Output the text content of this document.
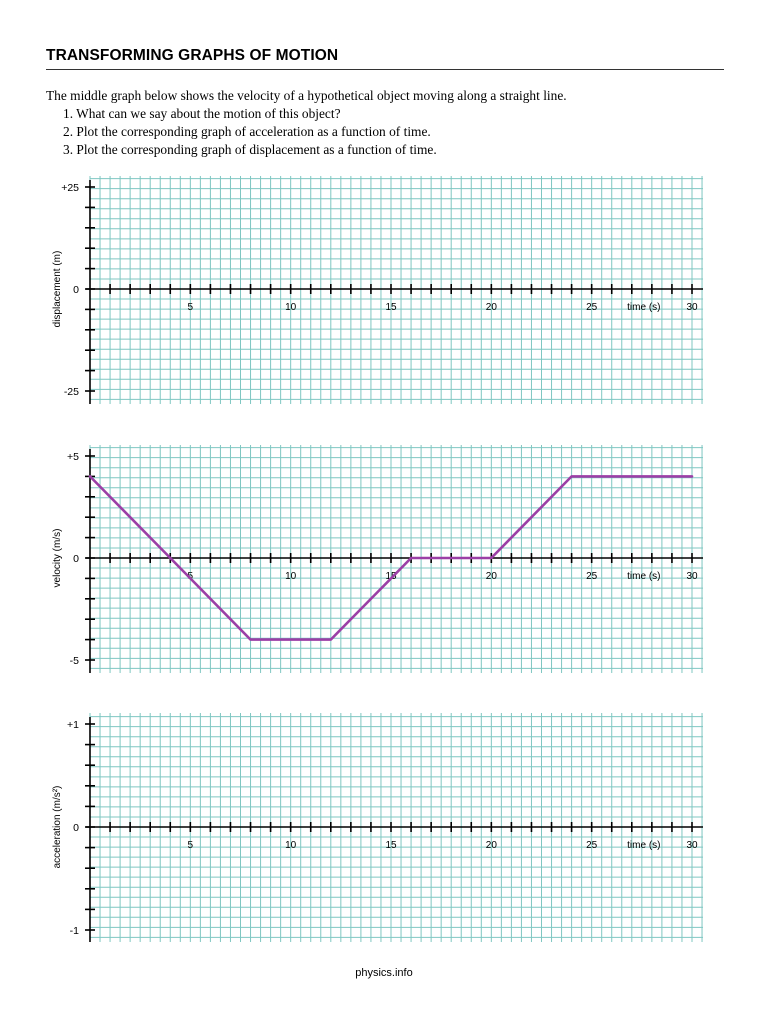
TRANSFORMING GRAPHS OF MOTION
The middle graph below shows the velocity of a hypothetical object moving along a straight line.
1. What can we say about the motion of this object?
2. Plot the corresponding graph of acceleration as a function of time.
3. Plot the corresponding graph of displacement as a function of time.
5	10	15	20	25	30
time (s)
+25
0
-25
displacement (m)
5	10	15	20	25	30
time (s)
+5
0
-5
velocity (m/s)
5	10	15	20	25	30
time (s)
+1
0
-1
acceleration (m/s²)
physics.info
